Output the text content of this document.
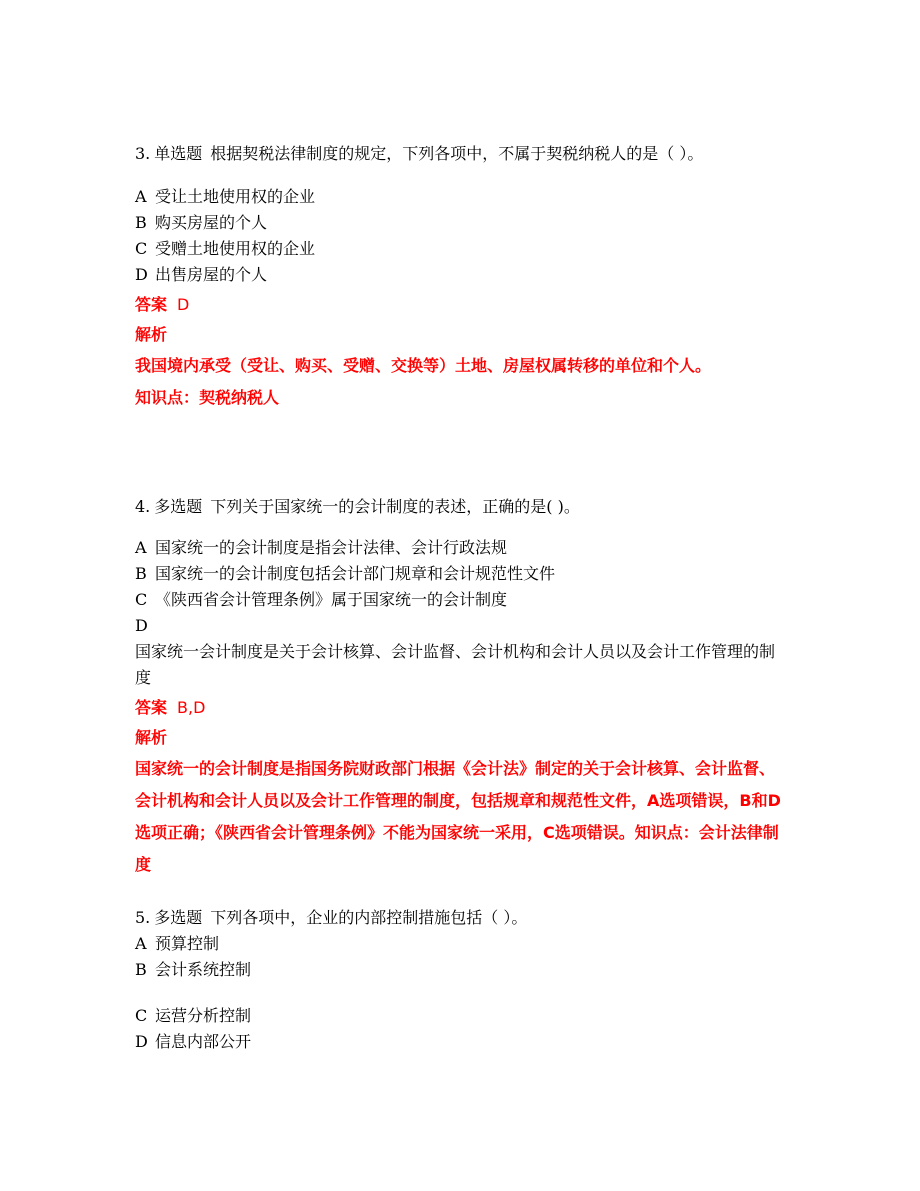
3. 单选题 根据契税法律制度的规定，下列各项中，不属于契税纳税人的是（ ）。

A 受让土地使用权的企业
B 购买房屋的个人
C 受赠土地使用权的企业
D 出售房屋的个人
答案 D
解析
我国境内承受（受让、购买、受赠、交换等）土地、房屋权属转移的单位和个人。
知识点：契税纳税人

4. 多选题 下列关于国家统一的会计制度的表述，正确的是( )。

A 国家统一的会计制度是指会计法律、会计行政法规
B 国家统一的会计制度包括会计部门规章和会计规范性文件
C 《陕西省会计管理条例》属于国家统一的会计制度
D
国家统一会计制度是关于会计核算、会计监督、会计机构和会计人员以及会计工作管理的制度
答案 B,D
解析
国家统一的会计制度是指国务院财政部门根据《会计法》制定的关于会计核算、会计监督、会计机构和会计人员以及会计工作管理的制度，包括规章和规范性文件，A选项错误，B和D选项正确；《陕西省会计管理条例》不能为国家统一采用，C选项错误。知识点：会计法律制度

5. 多选题 下列各项中，企业的内部控制措施包括（ ）。

A 预算控制
B 会计系统控制
C 运营分析控制
D 信息内部公开
